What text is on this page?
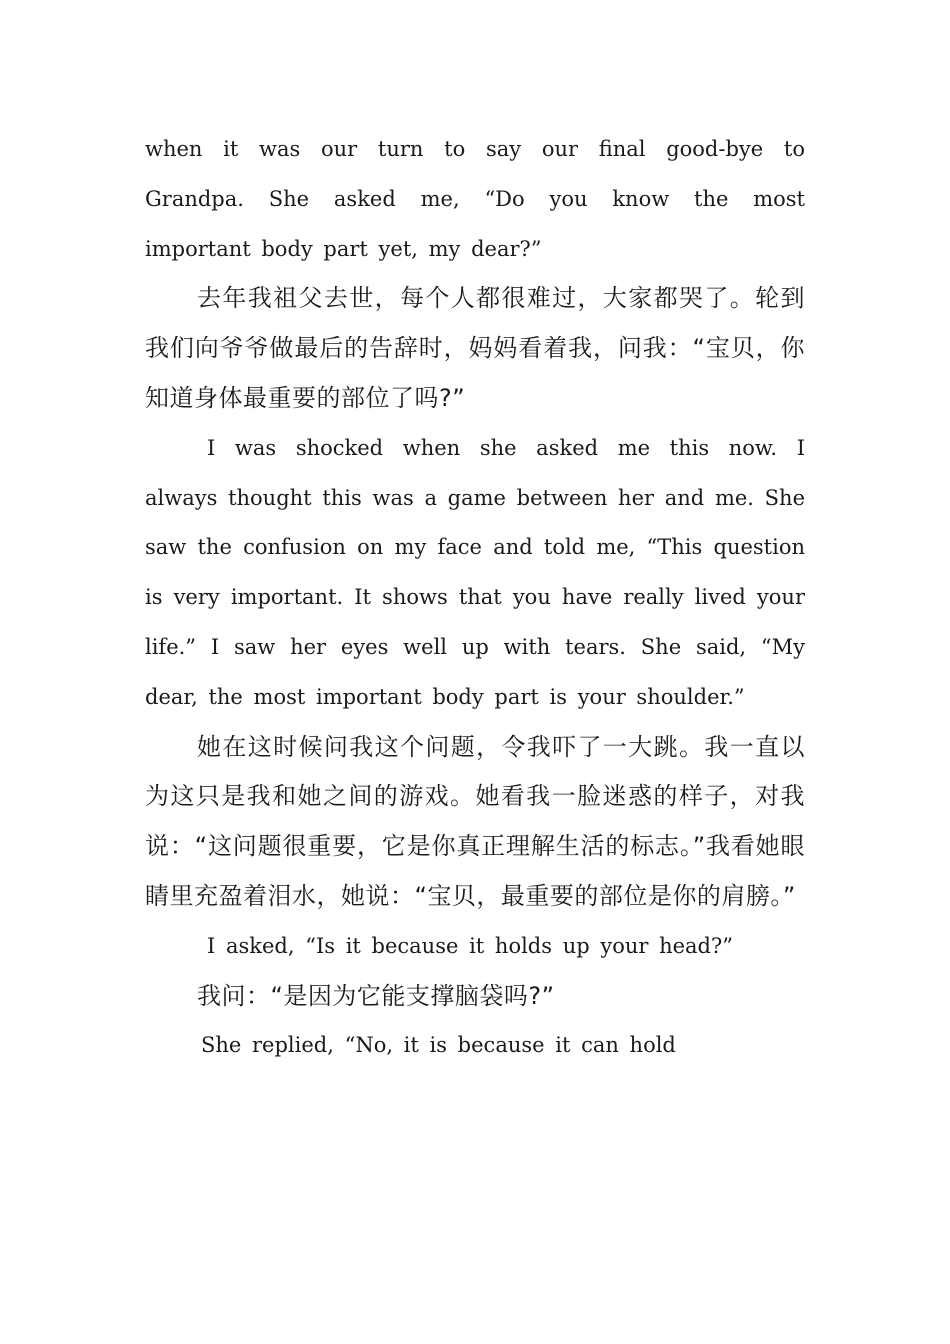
when it was our turn to say our final good-bye to Grandpa. She asked me, “Do you know the most important body part yet, my dear?”

去年我祖父去世，每个人都很难过，大家都哭了。轮到我们向爷爷做最后的告辞时，妈妈看着我，问我：“宝贝，你知道身体最重要的部位了吗?”

I was shocked when she asked me this now. I always thought this was a game between her and me. She saw the confusion on my face and told me, “This question is very important. It shows that you have really lived your life.” I saw her eyes well up with tears. She said, “My dear, the most important body part is your shoulder.”

她在这时候问我这个问题，令我吓了一大跳。我一直以为这只是我和她之间的游戏。她看我一脸迷惑的样子，对我说：“这问题很重要，它是你真正理解生活的标志。”我看她眼睛里充盈着泪水，她说：“宝贝，最重要的部位是你的肩膀。”

I asked, “Is it because it holds up your head?”

我问：“是因为它能支撑脑袋吗?”

She replied, “No, it is because it can hold
